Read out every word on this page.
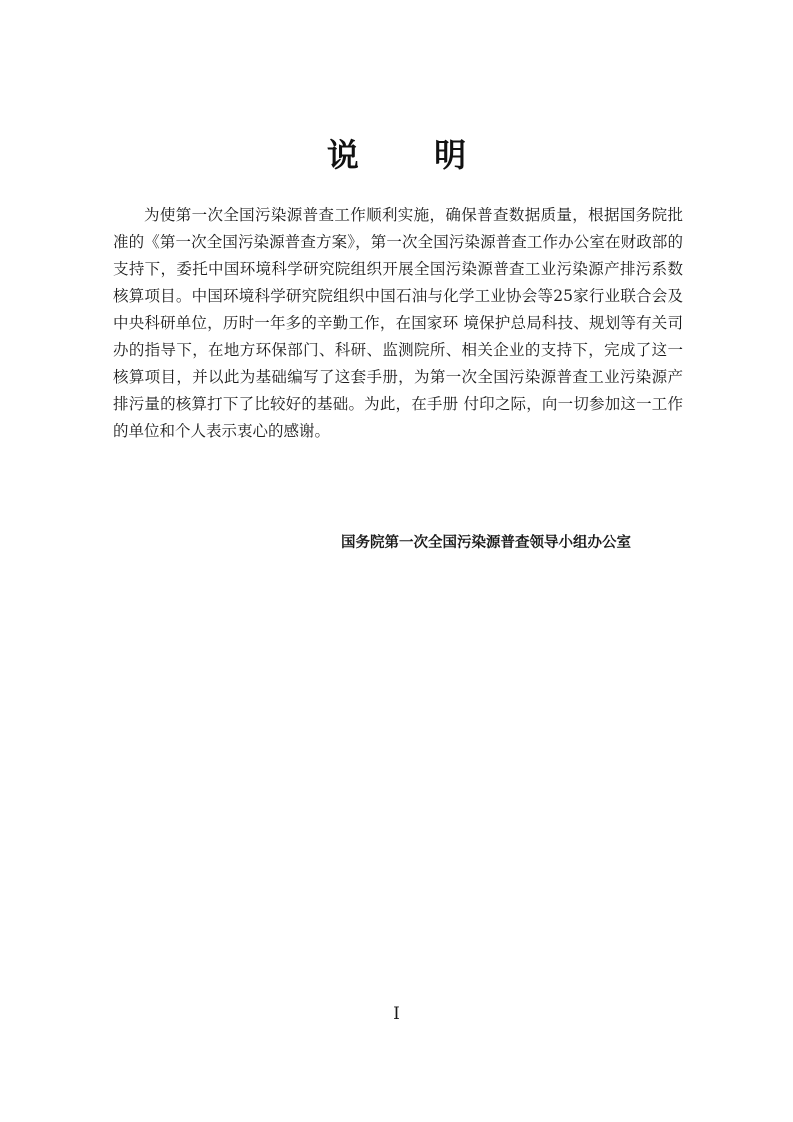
说 明

为使第一次全国污染源普查工作顺利实施，确保普查数据质量，根据国务院批准的《第一次全国污染源普查方案》，第一次全国污染源普查工作办公室在财政部的支持下，委托中国环境科学研究院组织开展全国污染源普查工业污染源产排污系数核算项目。中国环境科学研究院组织中国石油与化学工业协会等25家行业联合会及中央科研单位，历时一年多的辛勤工作，在国家环 境保护总局科技、规划等有关司办的指导下，在地方环保部门、科研、监测院所、相关企业的支持下，完成了这一核算项目，并以此为基础编写了这套手册，为第一次全国污染源普查工业污染源产排污量的核算打下了比较好的基础。为此，在手册 付印之际，向一切参加这一工作的单位和个人表示衷心的感谢。

国务院第一次全国污染源普查领导小组办公室
I
